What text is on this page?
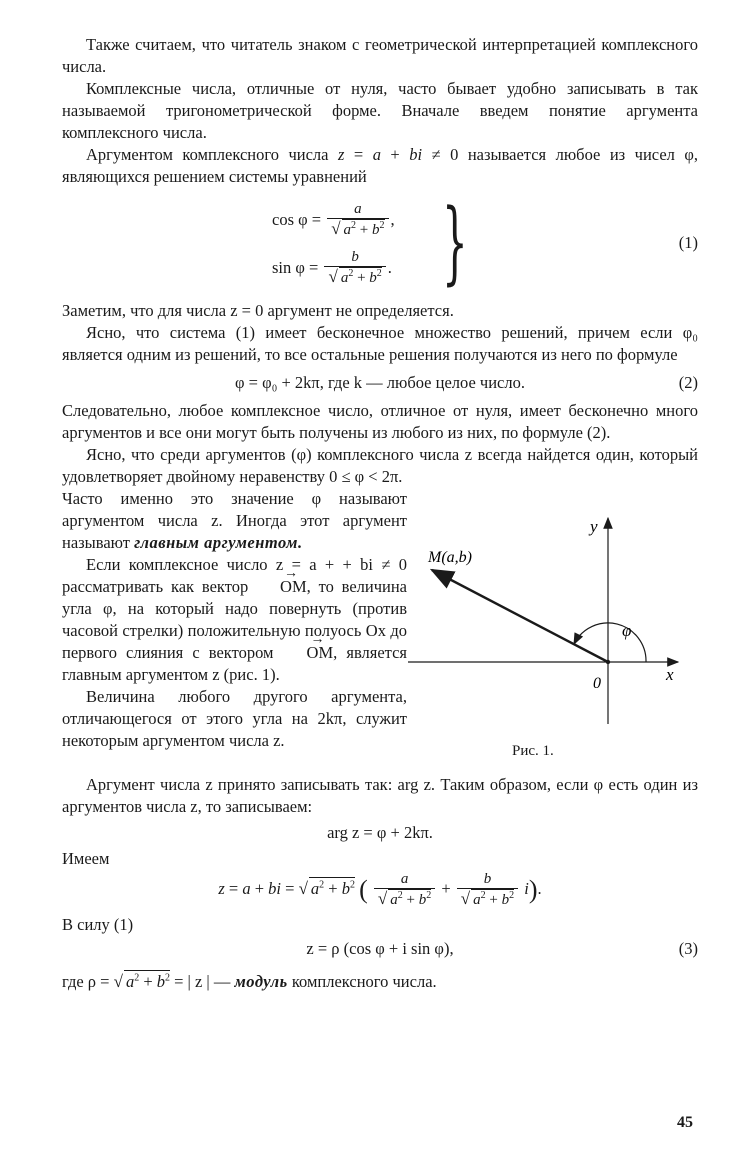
Также считаем, что читатель знаком с геометрической интерпретацией комплексного числа.

Комплексные числа, отличные от нуля, часто бывает удобно записывать в так называемой тригонометрической форме. Вначале введем понятие аргумента комплексного числа.

Аргументом комплексного числа z = a + bi ≠ 0 называется любое из чисел φ, являющихся решением системы уравнений

$\cos \varphi = \frac{a}{√ a^2 + b^2}$ ,
$\sin \varphi = \frac{b}{√ a^2 + b^2}$ . }	(1)

Заметим, что для числа z = 0 аргумент не определяется.

Ясно, что система (1) имеет бесконечное множество решений, причем если φ₀ является одним из решений, то все остальные решения получаются из него по формуле

φ = φ₀ + 2kπ, где k — любое целое число.	(2)

Следовательно, любое комплексное число, отличное от нуля, имеет бесконечно много аргументов и все они могут быть получены из любого из них, по формуле (2).

Ясно, что среди аргументов (φ) комплексного числа z всегда найдется один, который удовлетворяет двойному неравенству 0 ≤ φ < 2π.

Часто именно это значение φ называют аргументом числа z. Иногда этот аргумент называют главным аргументом.

Если комплексное число z = a + + bi ≠ 0 рассматривать как вектор → OM, то величина угла φ, на который надо повернуть (против часовой стрелки) положительную полуось Ox до первого слияния с вектором → OM, является главным аргументом z (рис. 1).

Величина любого другого аргумента, отличающегося от этого угла на 2kπ, служит некоторым аргументом числа z.

M(a,b)
y
x
0
φ
Рис. 1.

Аргумент числа z принято записывать так: arg z. Таким образом, если φ есть один из аргументов числа z, то записываем:

arg z = φ + 2kπ.

Имеем

z = a + bi = √ $a^2 + b^2$ ( $\frac{a}{√ a^2 + b^2} + \frac{b}{√ a^2 + b^2} i$).

В силу (1)

z = ρ (cos φ + i sin φ),	(3)

где ρ = √ $a^2 + b^2$ = | z | — модуль комплексного числа.

45
